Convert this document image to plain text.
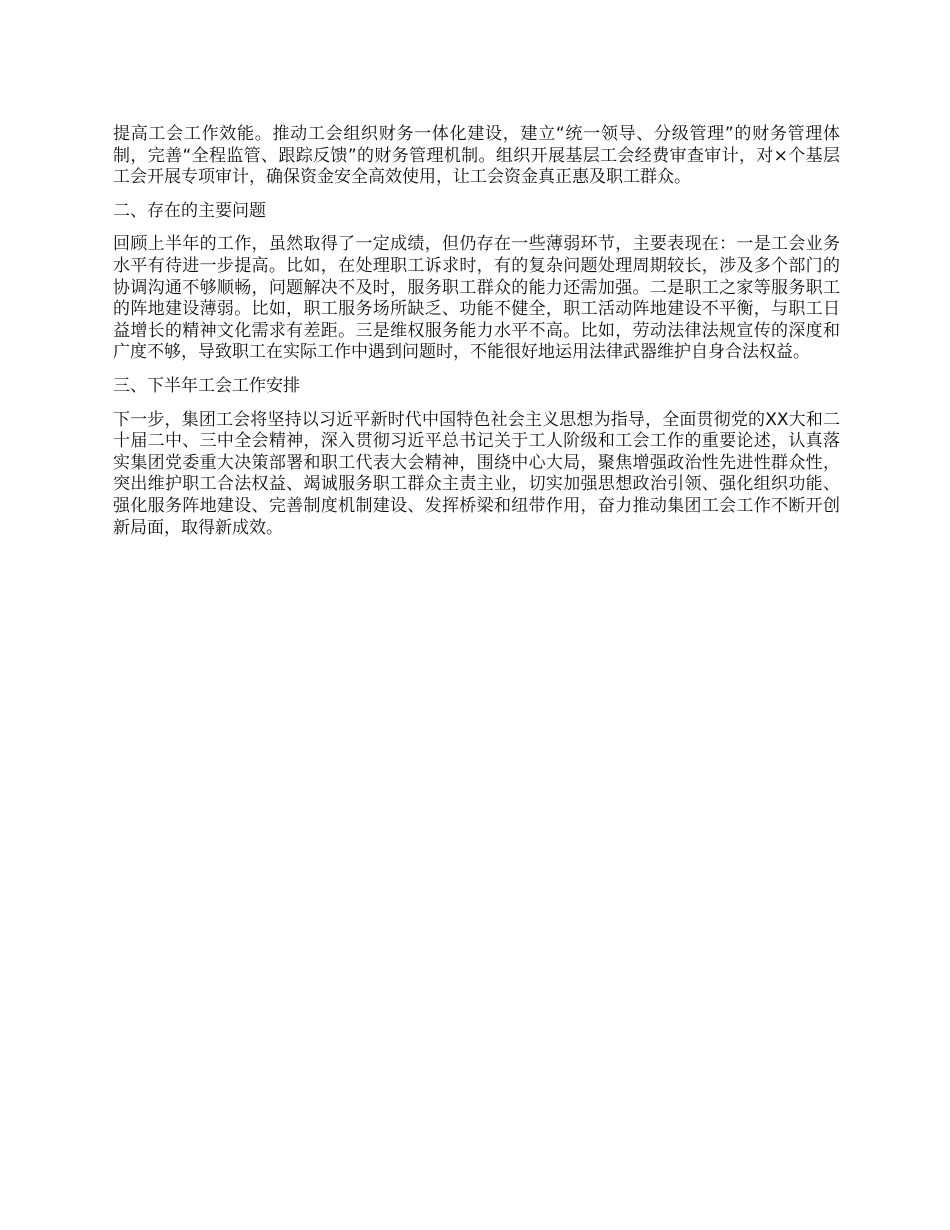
提高工会工作效能。推动工会组织财务一体化建设，建立“统一领导、分级管理”的财务管理体制，完善“全程监管、跟踪反馈”的财务管理机制。组织开展基层工会经费审查审计，对×个基层工会开展专项审计，确保资金安全高效使用，让工会资金真正惠及职工群众。

二、存在的主要问题

回顾上半年的工作，虽然取得了一定成绩，但仍存在一些薄弱环节，主要表现在：一是工会业务水平有待进一步提高。比如，在处理职工诉求时，有的复杂问题处理周期较长，涉及多个部门的协调沟通不够顺畅，问题解决不及时，服务职工群众的能力还需加强。二是职工之家等服务职工的阵地建设薄弱。比如，职工服务场所缺乏、功能不健全，职工活动阵地建设不平衡，与职工日益增长的精神文化需求有差距。三是维权服务能力水平不高。比如，劳动法律法规宣传的深度和广度不够，导致职工在实际工作中遇到问题时，不能很好地运用法律武器维护自身合法权益。

三、下半年工会工作安排

下一步，集团工会将坚持以习近平新时代中国特色社会主义思想为指导，全面贯彻党的XX大和二十届二中、三中全会精神，深入贯彻习近平总书记关于工人阶级和工会工作的重要论述，认真落实集团党委重大决策部署和职工代表大会精神，围绕中心大局，聚焦增强政治性先进性群众性，突出维护职工合法权益、竭诚服务职工群众主责主业，切实加强思想政治引领、强化组织功能、强化服务阵地建设、完善制度机制建设、发挥桥梁和纽带作用，奋力推动集团工会工作不断开创新局面，取得新成效。
